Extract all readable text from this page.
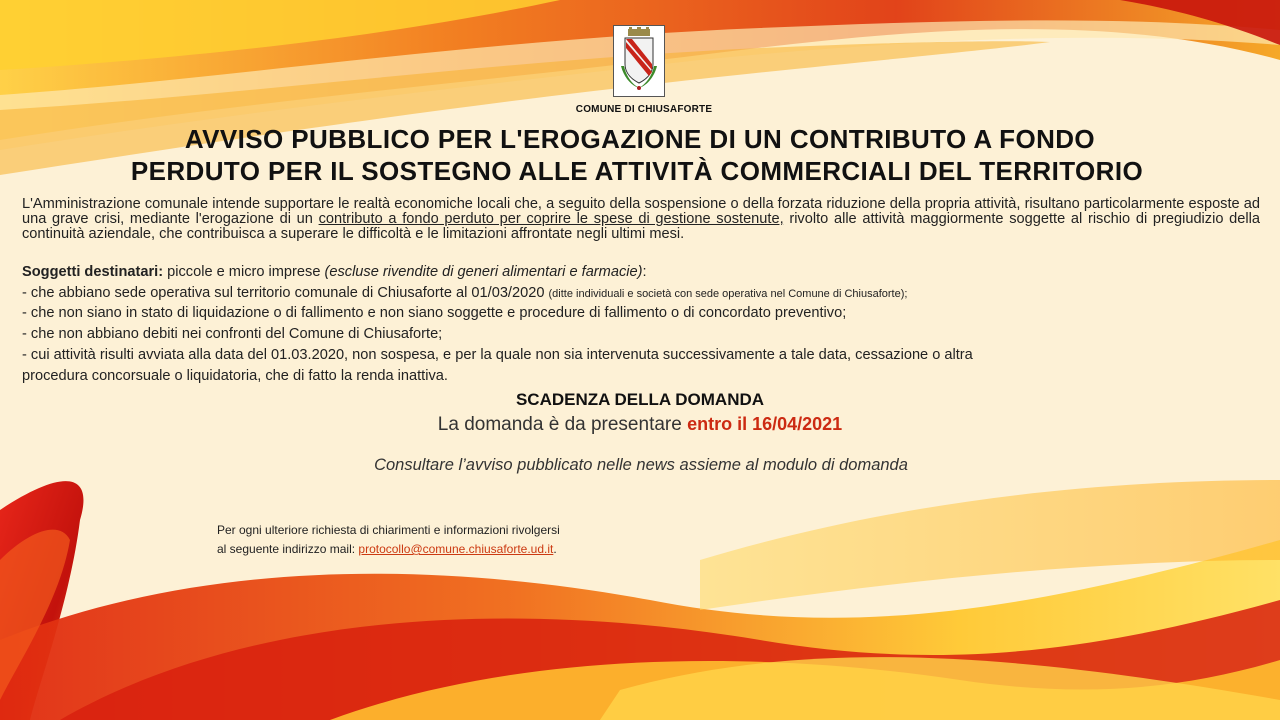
COMUNE DI CHIUSAFORTE
AVVISO PUBBLICO PER L'EROGAZIONE DI UN CONTRIBUTO A FONDO
PERDUTO PER IL SOSTEGNO ALLE ATTIVITÀ COMMERCIALI DEL TERRITORIO
L'Amministrazione comunale intende supportare le realtà economiche locali che, a seguito della sospensione o della forzata riduzione della propria attività, risultano particolarmente esposte ad una grave crisi, mediante l'erogazione di un contributo a fondo perduto per coprire le spese di gestione sostenute, rivolto alle attività maggiormente soggette al rischio di pregiudizio della continuità aziendale, che contribuisca a superare le difficoltà e le limitazioni affrontate negli ultimi mesi.
Soggetti destinatari: piccole e micro imprese (escluse rivendite di generi alimentari e farmacie):
- che abbiano sede operativa sul territorio comunale di Chiusaforte al 01/03/2020 (ditte individuali e società con sede operativa nel Comune di Chiusaforte);
- che non siano in stato di liquidazione o di fallimento e non siano soggette e procedure di fallimento o di concordato preventivo;
- che non abbiano debiti nei confronti del Comune di Chiusaforte;
- cui attività risulti avviata alla data del 01.03.2020, non sospesa, e per la quale non sia intervenuta successivamente a tale data, cessazione o altra
procedura concorsuale o liquidatoria, che di fatto la renda inattiva.
SCADENZA DELLA DOMANDA
La domanda è da presentare entro il 16/04/2021
Consultare l’avviso pubblicato nelle news assieme al modulo di domanda
Per ogni ulteriore richiesta di chiarimenti e informazioni rivolgersi
al seguente indirizzo mail: protocollo@comune.chiusaforte.ud.it.
